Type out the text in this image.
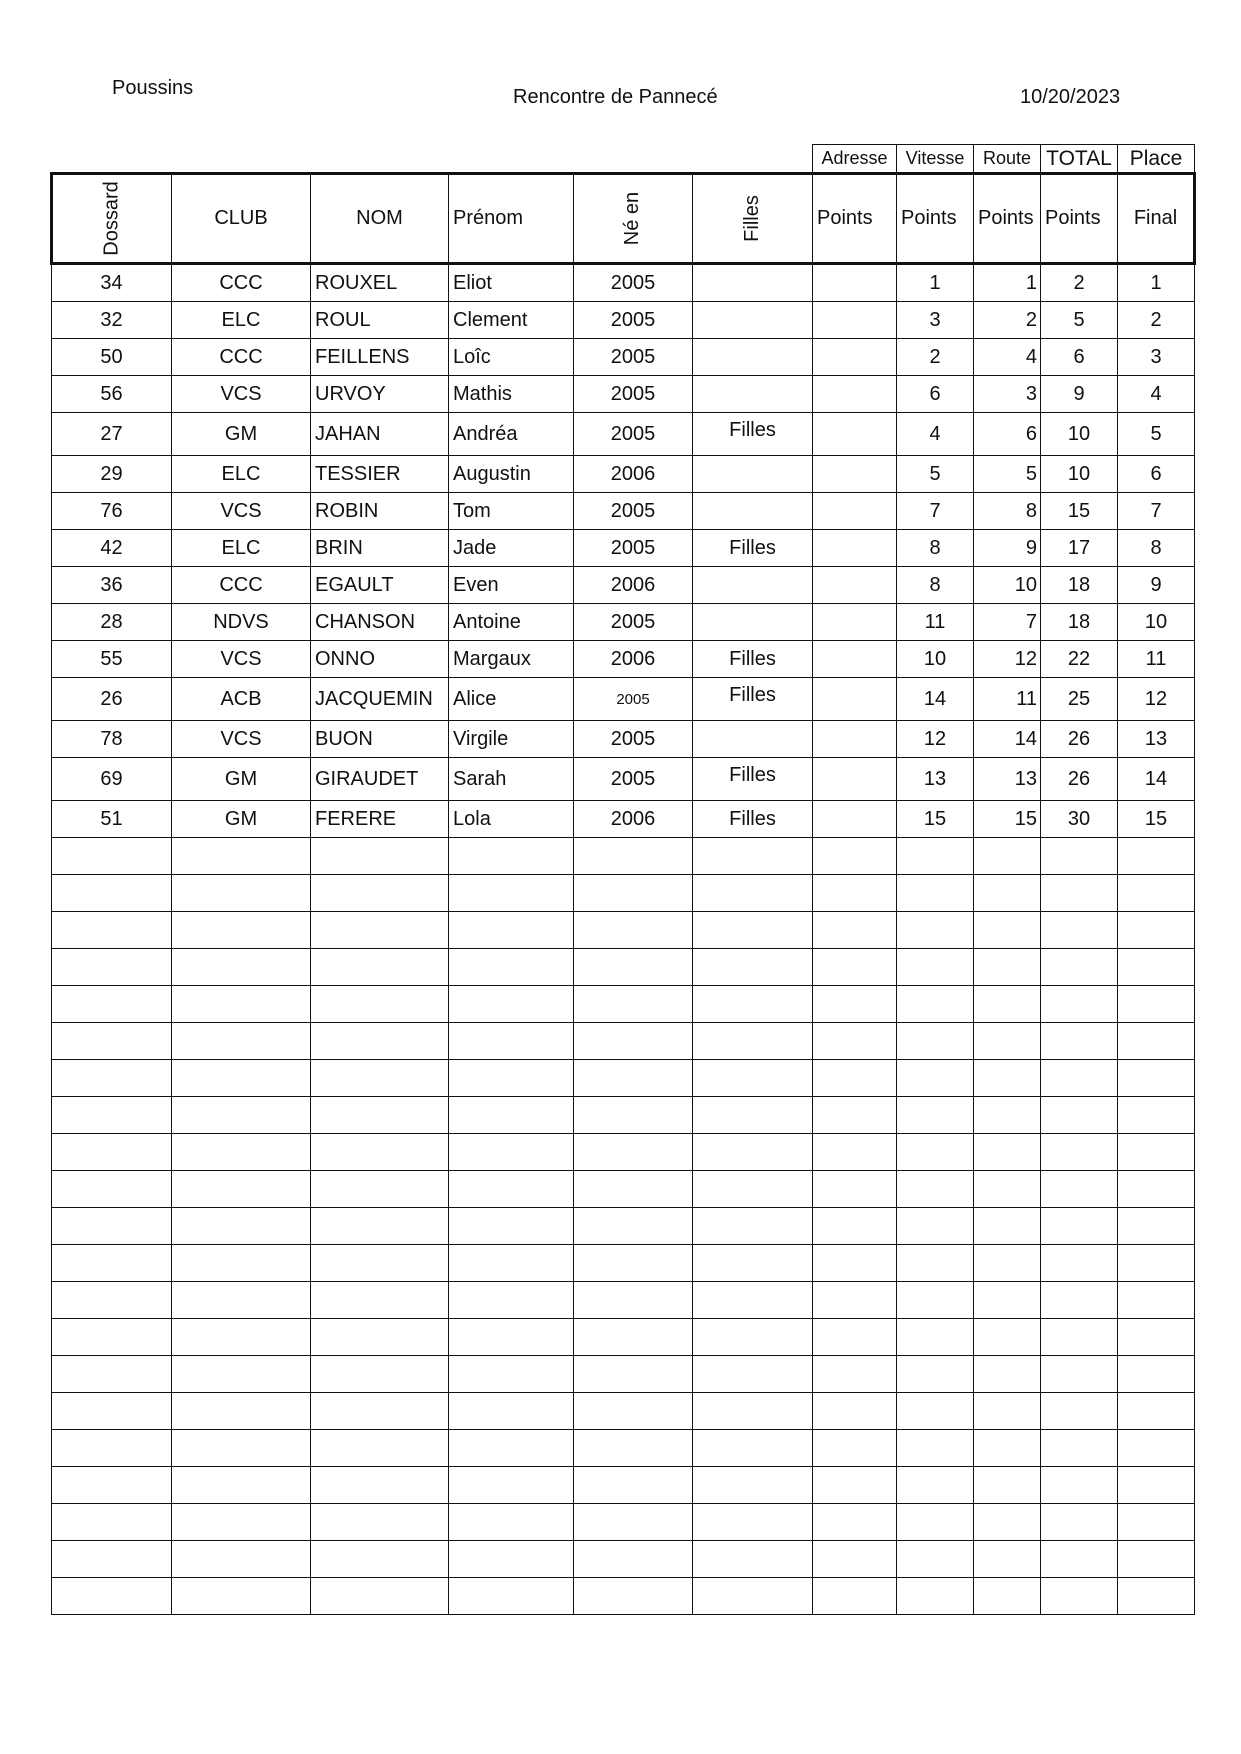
Poussins	Rencontre de Pannecé	10/20/2023
Adresse	Vitesse	Route	TOTAL	Place
Dossard	CLUB	NOM	Prénom	Né en	Filles	Points	Points	Points	Points	Final
34	CCC	ROUXEL	Eliot	2005			1	1	2	1
32	ELC	ROUL	Clement	2005			3	2	5	2
50	CCC	FEILLENS	Loîc	2005			2	4	6	3
56	VCS	URVOY	Mathis	2005			6	3	9	4
27	GM	JAHAN	Andréa	2005	Filles		4	6	10	5
29	ELC	TESSIER	Augustin	2006			5	5	10	6
76	VCS	ROBIN	Tom	2005			7	8	15	7
42	ELC	BRIN	Jade	2005	Filles		8	9	17	8
36	CCC	EGAULT	Even	2006			8	10	18	9
28	NDVS	CHANSON	Antoine	2005			11	7	18	10
55	VCS	ONNO	Margaux	2006	Filles		10	12	22	11
26	ACB	JACQUEMIN	Alice	2005	Filles		14	11	25	12
78	VCS	BUON	Virgile	2005			12	14	26	13
69	GM	GIRAUDET	Sarah	2005	Filles		13	13	26	14
51	GM	FERERE	Lola	2006	Filles		15	15	30	15
